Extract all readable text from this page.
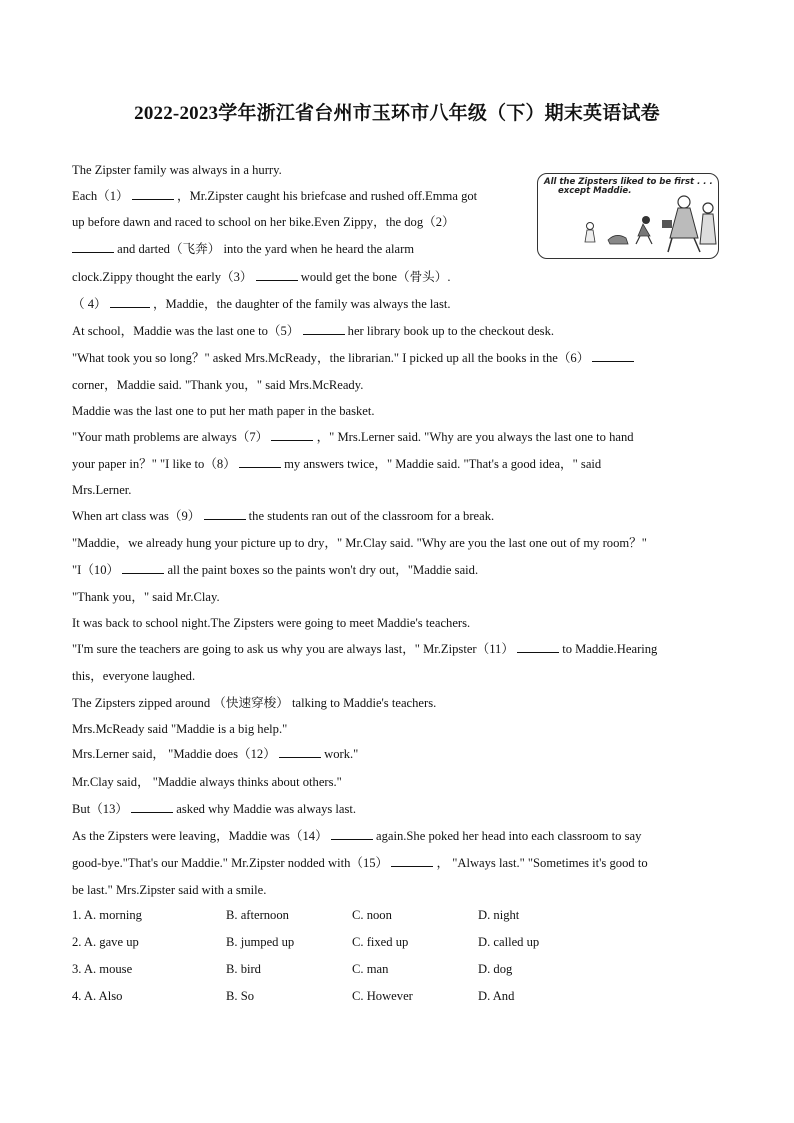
2022-2023学年浙江省台州市玉环市八年级（下）期末英语试卷
All the Zipsters liked to be first . . .
except Maddie.
The Zipster family was always in a hurry.
Each（1）	，Mr.Zipster caught his briefcase and rushed off.Emma got
up before dawn and raced to school on her bike.Even Zippy，the dog（2）
and darted（飞奔） into the yard when he heard the alarm
clock.Zippy thought the early（3）	would get the bone（骨头）.
（ 4）	，Maddie，the daughter of the family was always the last.
At school，Maddie was the last one to（5）	her library book up to the checkout desk.
"What took you so long？" asked Mrs.McReady，the librarian." I picked up all the books in the（6）
corner，Maddie said. "Thank you，" said Mrs.McReady.
Maddie was the last one to put her math paper in the basket.
"Your math problems are always（7）	，" Mrs.Lerner said. "Why are you always the last one to hand
your paper in？" "I like to（8）	my answers twice，" Maddie said. "That's a good idea，" said
Mrs.Lerner.
When art class was（9）	the students ran out of the classroom for a break.
"Maddie，we already hung your picture up to dry，" Mr.Clay said. "Why are you the last one out of my room？"
"I（10）	all the paint boxes so the paints won't dry out，"Maddie said.
"Thank you，" said Mr.Clay.
It was back to school night.The Zipsters were going to meet Maddie's teachers.
"I'm sure the teachers are going to ask us why you are always last，" Mr.Zipster（11）	to Maddie.Hearing
this，everyone laughed.
The Zipsters zipped around （快速穿梭） talking to Maddie's teachers.
Mrs.McReady said "Maddie is a big help."
Mrs.Lerner said， "Maddie does（12）	work."
Mr.Clay said， "Maddie always thinks about others."
But（13）	asked why Maddie was always last.
As the Zipsters were leaving，Maddie was（14）	again.She poked her head into each classroom to say
good-bye."That's our Maddie." Mr.Zipster nodded with（15）	， "Always last." "Sometimes it's good to
be last." Mrs.Zipster said with a smile.
1. A. morning	B. afternoon	C. noon	D. night
2. A. gave up	B. jumped up	C. fixed up	D. called up
3. A. mouse	B. bird	C. man	D. dog
4. A. Also	B. So	C. However	D. And
